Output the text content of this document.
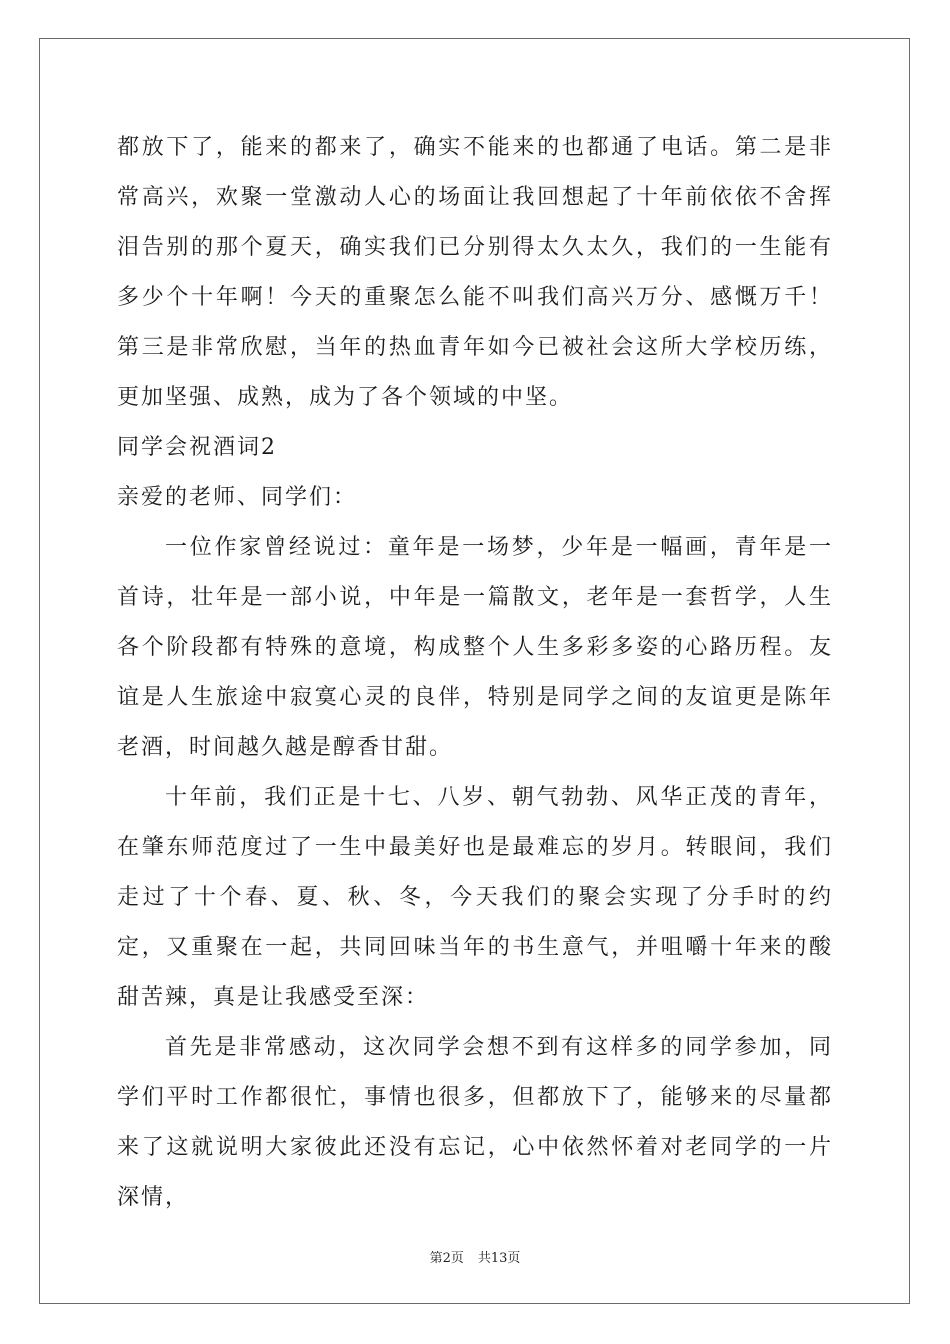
都放下了，能来的都来了，确实不能来的也都通了电话。第二是非常高兴，欢聚一堂激动人心的场面让我回想起了十年前依依不舍挥泪告别的那个夏天，确实我们已分别得太久太久，我们的一生能有多少个十年啊！今天的重聚怎么能不叫我们高兴万分、感慨万千！第三是非常欣慰，当年的热血青年如今已被社会这所大学校历练，更加坚强、成熟，成为了各个领域的中坚。

同学会祝酒词2

亲爱的老师、同学们：

一位作家曾经说过：童年是一场梦，少年是一幅画，青年是一首诗，壮年是一部小说，中年是一篇散文，老年是一套哲学，人生各个阶段都有特殊的意境，构成整个人生多彩多姿的心路历程。友谊是人生旅途中寂寞心灵的良伴，特别是同学之间的友谊更是陈年老酒，时间越久越是醇香甘甜。

十年前，我们正是十七、八岁、朝气勃勃、风华正茂的青年，在肇东师范度过了一生中最美好也是最难忘的岁月。转眼间，我们走过了十个春、夏、秋、冬，今天我们的聚会实现了分手时的约定，又重聚在一起，共同回味当年的书生意气，并咀嚼十年来的酸甜苦辣，真是让我感受至深：

首先是非常感动，这次同学会想不到有这样多的同学参加，同学们平时工作都很忙，事情也很多，但都放下了，能够来的尽量都来了这就说明大家彼此还没有忘记，心中依然怀着对老同学的一片深情，

第2页 共13页
